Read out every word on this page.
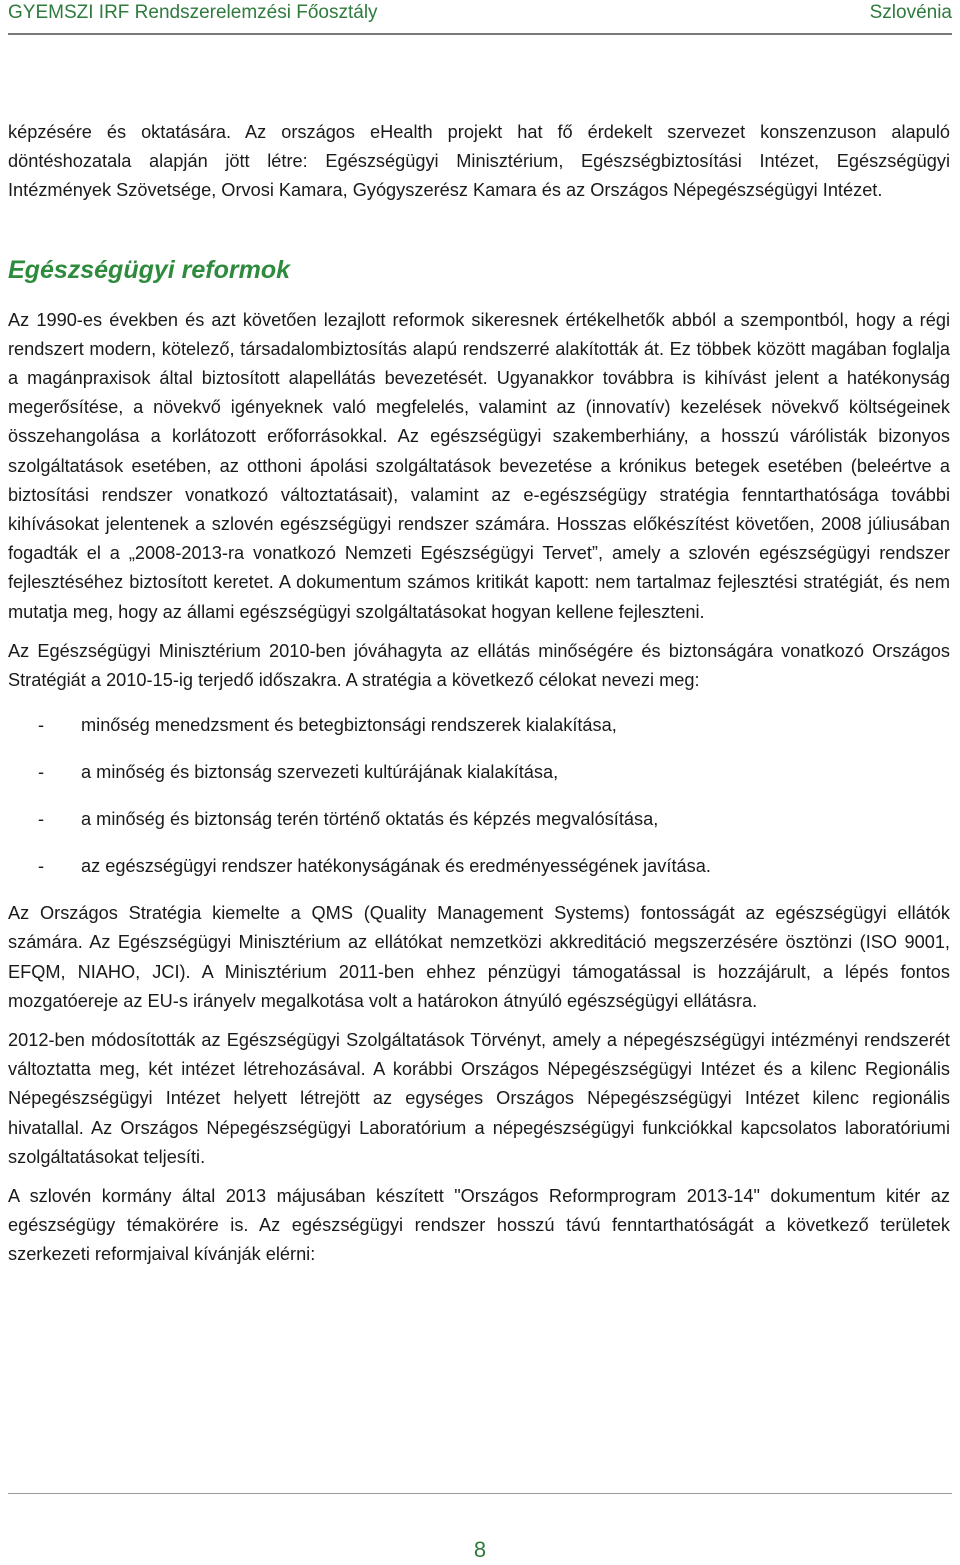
GYEMSZI IRF Rendszerelemzési Főosztály	Szlovénia

képzésére és oktatására. Az országos eHealth projekt hat fő érdekelt szervezet konszenzuson alapuló döntéshozatala alapján jött létre: Egészségügyi Minisztérium, Egészségbiztosítási Intézet, Egészségügyi Intézmények Szövetsége, Orvosi Kamara, Gyógyszerész Kamara és az Országos Népegészségügyi Intézet.

Egészségügyi reformok

Az 1990-es években és azt követően lezajlott reformok sikeresnek értékelhetők abból a szempontból, hogy a régi rendszert modern, kötelező, társadalombiztosítás alapú rendszerré alakították át. Ez többek között magában foglalja a magánpraxisok által biztosított alapellátás bevezetését. Ugyanakkor továbbra is kihívást jelent a hatékonyság megerősítése, a növekvő igényeknek való megfelelés, valamint az (innovatív) kezelések növekvő költségeinek összehangolása a korlátozott erőforrásokkal. Az egészségügyi szakemberhiány, a hosszú várólisták bizonyos szolgáltatások esetében, az otthoni ápolási szolgáltatások bevezetése a krónikus betegek esetében (beleértve a biztosítási rendszer vonatkozó változtatásait), valamint az e-egészségügy stratégia fenntarthatósága további kihívásokat jelentenek a szlovén egészségügyi rendszer számára. Hosszas előkészítést követően, 2008 júliusában fogadták el a „2008-2013-ra vonatkozó Nemzeti Egészségügyi Tervet”, amely a szlovén egészségügyi rendszer fejlesztéséhez biztosított keretet. A dokumentum számos kritikát kapott: nem tartalmaz fejlesztési stratégiát, és nem mutatja meg, hogy az állami egészségügyi szolgáltatásokat hogyan kellene fejleszteni.

Az Egészségügyi Minisztérium 2010-ben jóváhagyta az ellátás minőségére és biztonságára vonatkozó Országos Stratégiát a 2010-15-ig terjedő időszakra. A stratégia a következő célokat nevezi meg:

- minőség menedzsment és betegbiztonsági rendszerek kialakítása,
- a minőség és biztonság szervezeti kultúrájának kialakítása,
- a minőség és biztonság terén történő oktatás és képzés megvalósítása,
- az egészségügyi rendszer hatékonyságának és eredményességének javítása.

Az Országos Stratégia kiemelte a QMS (Quality Management Systems) fontosságát az egészségügyi ellátók számára. Az Egészségügyi Minisztérium az ellátókat nemzetközi akkreditáció megszerzésére ösztönzi (ISO 9001, EFQM, NIAHO, JCI). A Minisztérium 2011-ben ehhez pénzügyi támogatással is hozzájárult, a lépés fontos mozgatóereje az EU-s irányelv megalkotása volt a határokon átnyúló egészségügyi ellátásra.

2012-ben módosították az Egészségügyi Szolgáltatások Törvényt, amely a népegészségügyi intézményi rendszerét változtatta meg, két intézet létrehozásával. A korábbi Országos Népegészségügyi Intézet és a kilenc Regionális Népegészségügyi Intézet helyett létrejött az egységes Országos Népegészségügyi Intézet kilenc regionális hivatallal. Az Országos Népegészségügyi Laboratórium a népegészségügyi funkciókkal kapcsolatos laboratóriumi szolgáltatásokat teljesíti.

A szlovén kormány által 2013 májusában készített "Országos Reformprogram 2013-14" dokumentum kitér az egészségügy témakörére is. Az egészségügyi rendszer hosszú távú fenntarthatóságát a következő területek szerkezeti reformjaival kívánják elérni:

8
